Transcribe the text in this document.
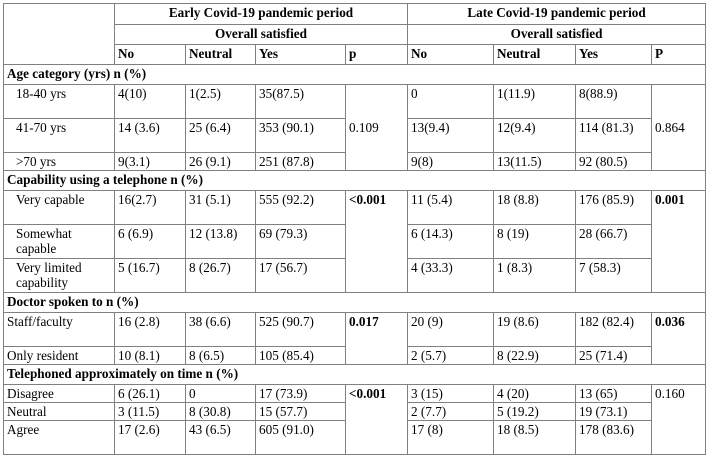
	Early Covid-19 pandemic period				Late Covid-19 pandemic period			
	Overall satisfied				Overall satisfied			
	No	Neutral	Yes	p	No	Neutral	Yes	P
Age category (yrs) n (%)								
18-40 yrs	4(10)	1(2.5)	35(87.5)	0.109	0	1(11.9)	8(88.9)	0.864
41-70 yrs	14 (3.6)	25 (6.4)	353 (90.1)		13(9.4)	12(9.4)	114 (81.3)	
>70 yrs	9(3.1)	26 (9.1)	251 (87.8)		9(8)	13(11.5)	92 (80.5)	
Capability using a telephone n (%)								
Very capable	16(2.7)	31 (5.1)	555 (92.2)	<0.001	11 (5.4)	18 (8.8)	176 (85.9)	0.001
Somewhat capable	6 (6.9)	12 (13.8)	69 (79.3)		6 (14.3)	8 (19)	28 (66.7)	
Very limited capability	5 (16.7)	8 (26.7)	17 (56.7)		4 (33.3)	1 (8.3)	7 (58.3)	
Doctor spoken to n (%)								
Staff/faculty	16 (2.8)	38 (6.6)	525 (90.7)	0.017	20 (9)	19 (8.6)	182 (82.4)	0.036
Only resident	10 (8.1)	8 (6.5)	105 (85.4)		2 (5.7)	8 (22.9)	25 (71.4)	
Telephoned approximately on time n (%)								
Disagree	6 (26.1)	0	17 (73.9)	<0.001	3 (15)	4 (20)	13 (65)	0.160
Neutral	3 (11.5)	8 (30.8)	15 (57.7)		2 (7.7)	5 (19.2)	19 (73.1)	
Agree	17 (2.6)	43 (6.5)	605 (91.0)		17 (8)	18 (8.5)	178 (83.6)	
